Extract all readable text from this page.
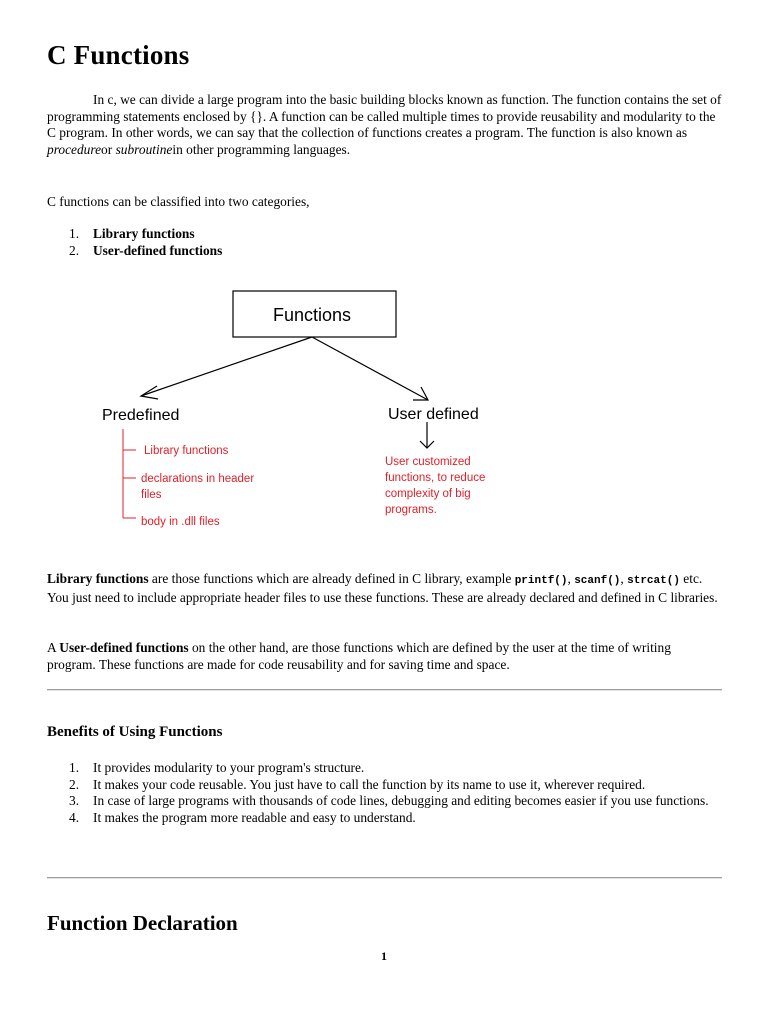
C Functions

In c, we can divide a large program into the basic building blocks known as function. The function contains the set of programming statements enclosed by {}. A function can be called multiple times to provide reusability and modularity to the C program. In other words, we can say that the collection of functions creates a program. The function is also known as procedureor subroutinein other programming languages.

C functions can be classified into two categories,

1. Library functions
2. User-defined functions
Functions
Predefined	User defined
Library functions
declarations in header
files
body in .dll files
User customized
functions, to reduce
complexity of big
programs.

Library functions are those functions which are already defined in C library, example printf(), scanf(), strcat() etc. You just need to include appropriate header files to use these functions. These are already declared and defined in C libraries.

A User-defined functions on the other hand, are those functions which are defined by the user at the time of writing program. These functions are made for code reusability and for saving time and space.

Benefits of Using Functions
1. It provides modularity to your program's structure.
2. It makes your code reusable. You just have to call the function by its name to use it, wherever required.
3. In case of large programs with thousands of code lines, debugging and editing becomes easier if you use functions.
4. It makes the program more readable and easy to understand.
Function Declaration
1
